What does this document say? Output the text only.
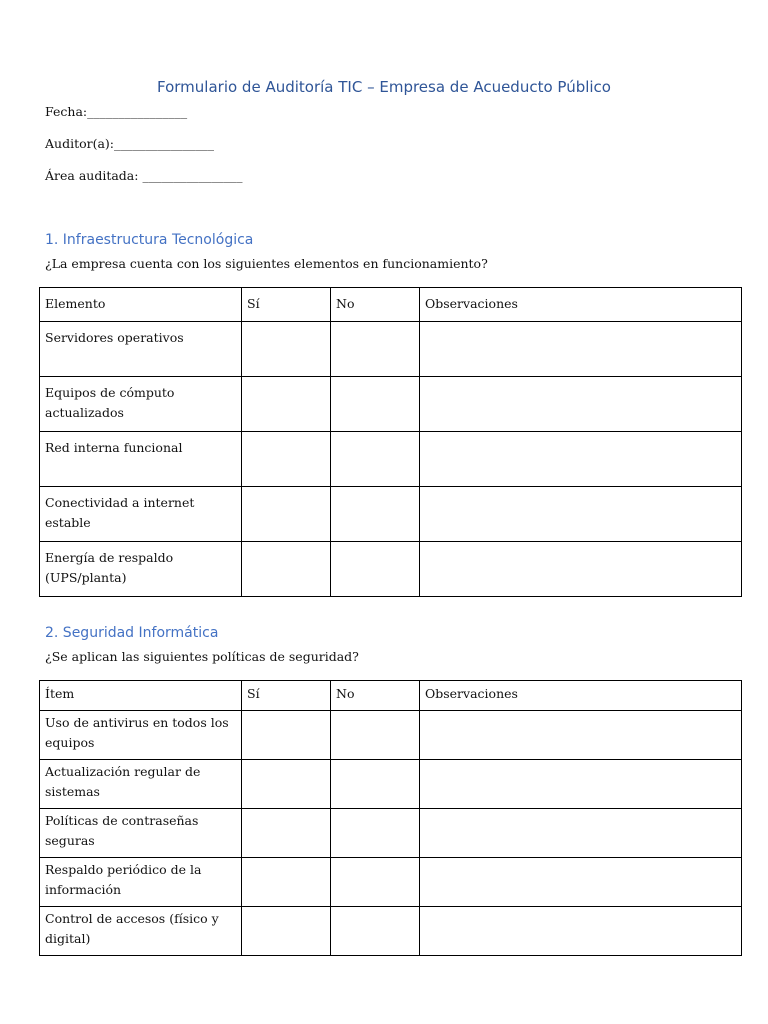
Formulario de Auditoría TIC – Empresa de Acueducto Público
Fecha:________________
Auditor(a):________________
Área auditada: ________________
1. Infraestructura Tecnológica
¿La empresa cuenta con los siguientes elementos en funcionamiento?
Elemento	Sí	No	Observaciones
Servidores operativos			
Equipos de cómputo actualizados			
Red interna funcional			
Conectividad a internet estable			
Energía de respaldo (UPS/planta)			
2. Seguridad Informática
¿Se aplican las siguientes políticas de seguridad?
Ítem	Sí	No	Observaciones
Uso de antivirus en todos los equipos			
Actualización regular de sistemas			
Políticas de contraseñas seguras			
Respaldo periódico de la información			
Control de accesos (físico y digital)			
